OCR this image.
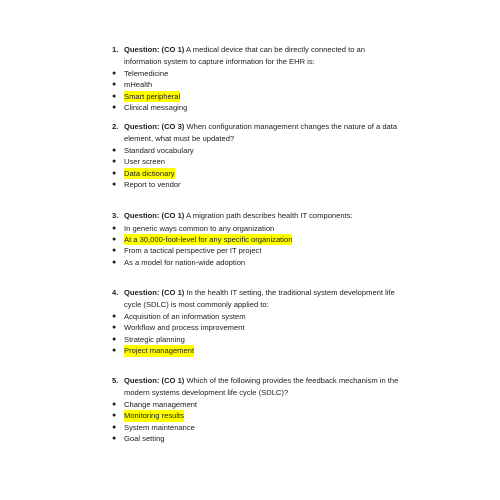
1. Question: (CO 1) A medical device that can be directly connected to an information system to capture information for the EHR is:
●	Telemedicine
●	mHealth
●	Smart peripheral
●	Clinical messaging
2. Question: (CO 3) When configuration management changes the nature of a data element, what must be updated?
●	Standard vocabulary
●	User screen
●	Data dictionary
●	Report to vendor
3. Question: (CO 1) A migration path describes health IT components:
●	In generic ways common to any organization
●	At a 30,000-foot-level for any specific organization
●	From a tactical perspective per IT project
●	As a model for nation-wide adoption
4. Question: (CO 1) In the health IT setting, the traditional system development life cycle (SDLC) is most commonly applied to:
●	Acquisition of an information system
●	Workflow and process improvement
●	Strategic planning
●	Project management
5. Question: (CO 1) Which of the following provides the feedback mechanism in the modern systems development life cycle (SDLC)?
●	Change management
●	Monitoring results
●	System maintenance
●	Goal setting
